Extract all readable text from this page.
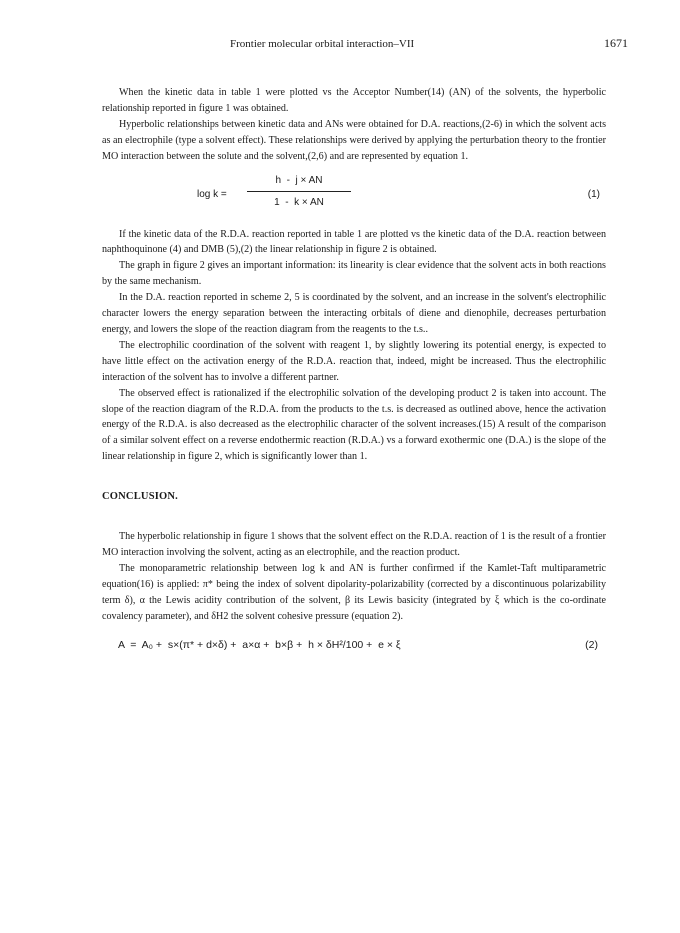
Frontier molecular orbital interaction–VII	1671

When the kinetic data in table 1 were plotted vs the Acceptor Number(14) (AN) of the solvents, the hyperbolic relationship reported in figure 1 was obtained.

Hyperbolic relationships between kinetic data and ANs were obtained for D.A. reactions,(2-6) in which the solvent acts as an electrophile (type a solvent effect). These relationships were derived by applying the perturbation theory to the frontier MO interaction between the solute and the solvent,(2,6) and are represented by equation 1.

$\log k = \frac{h - j \times AN}{1 - k \times AN}$	(1)

If the kinetic data of the R.D.A. reaction reported in table 1 are plotted vs the kinetic data of the D.A. reaction between naphthoquinone (4) and DMB (5),(2) the linear relationship in figure 2 is obtained.

The graph in figure 2 gives an important information: its linearity is clear evidence that the solvent acts in both reactions by the same mechanism.

In the D.A. reaction reported in scheme 2, 5 is coordinated by the solvent, and an increase in the solvent's electrophilic character lowers the energy separation between the interacting orbitals of diene and dienophile, decreases perturbation energy, and lowers the slope of the reaction diagram from the reagents to the t.s..

The electrophilic coordination of the solvent with reagent 1, by slightly lowering its potential energy, is expected to have little effect on the activation energy of the R.D.A. reaction that, indeed, might be increased. Thus the electrophilic interaction of the solvent has to involve a different partner.

The observed effect is rationalized if the electrophilic solvation of the developing product 2 is taken into account. The slope of the reaction diagram of the R.D.A. from the products to the t.s. is decreased as outlined above, hence the activation energy of the R.D.A. is also decreased as the electrophilic character of the solvent increases.(15) A result of the comparison of a similar solvent effect on a reverse endothermic reaction (R.D.A.) vs a forward exothermic one (D.A.) is the slope of the linear relationship in figure 2, which is significantly lower than 1.

CONCLUSION.

The hyperbolic relationship in figure 1 shows that the solvent effect on the R.D.A. reaction of 1 is the result of a frontier MO interaction involving the solvent, acting as an electrophile, and the reaction product.

The monoparametric relationship between log k and AN is further confirmed if the Kamlet-Taft multiparametric equation(16) is applied: π* being the index of solvent dipolarity-polarizability (corrected by a discontinuous polarizability term δ), α the Lewis acidity contribution of the solvent, β its Lewis basicity (integrated by ξ which is the co-ordinate covalency parameter), and δH2 the solvent cohesive pressure (equation 2).

A  =  A₀ +  s×(π* + d×δ) +  a×α +  b×β +  h × δH²/100 +  e × ξ	(2)
